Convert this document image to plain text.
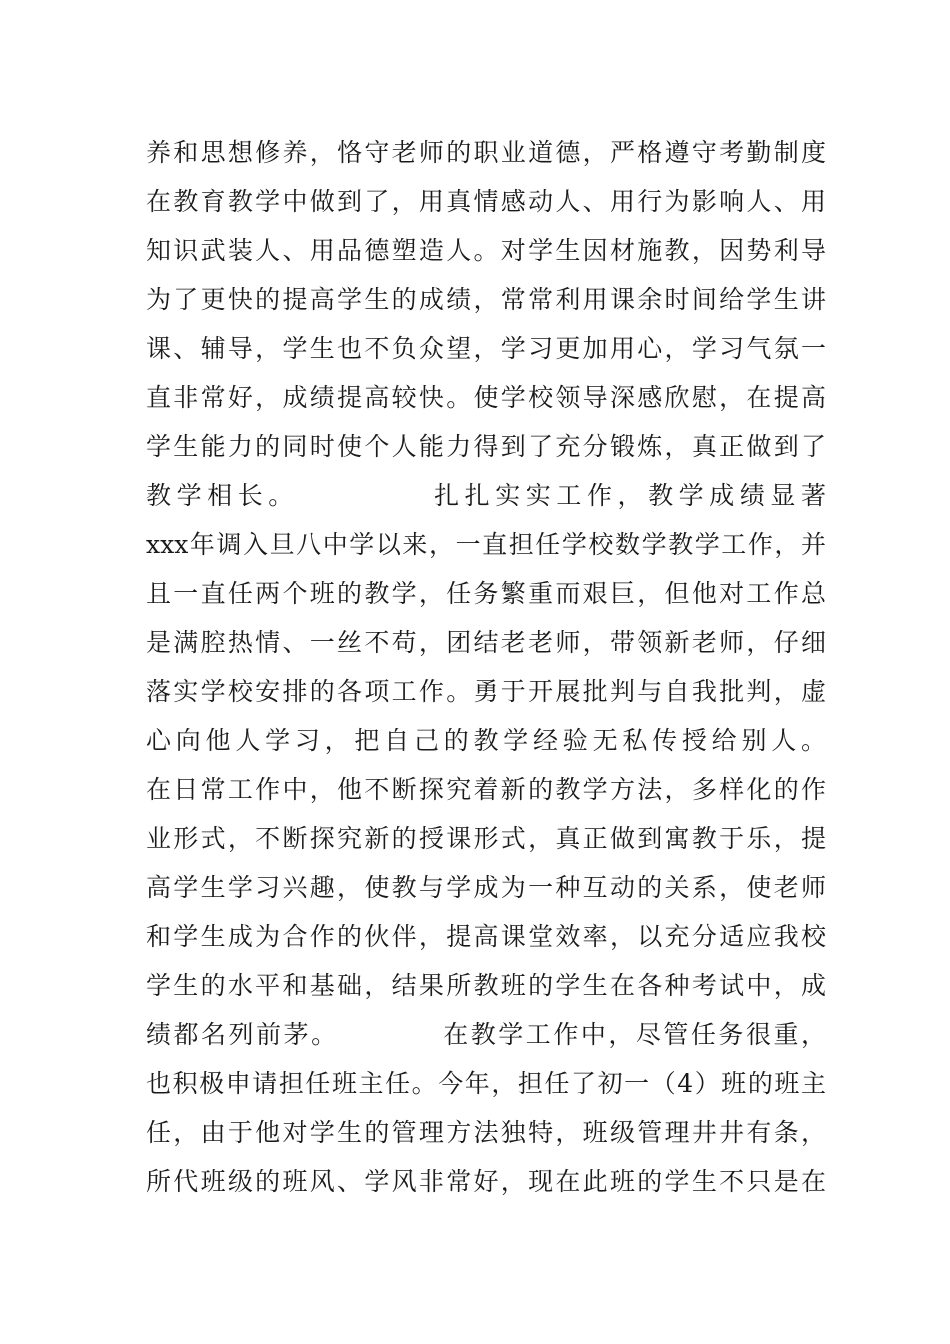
养和思想修养，恪守老师的职业道德，严格遵守考勤制度
在教育教学中做到了，用真情感动人、用行为影响人、用
知识武装人、用品德塑造人。对学生因材施教，因势利导
为了更快的提高学生的成绩，常常利用课余时间给学生讲
课、辅导，学生也不负众望，学习更加用心，学习气氛一
直非常好，成绩提高较快。使学校领导深感欣慰，在提高
学生能力的同时使个人能力得到了充分锻炼，真正做到了
教学相长。          扎扎实实工作，教学成绩显著
xxx年调入旦八中学以来，一直担任学校数学教学工作，并
且一直任两个班的教学，任务繁重而艰巨，但他对工作总
是满腔热情、一丝不苟，团结老老师，带领新老师，仔细
落实学校安排的各项工作。勇于开展批判与自我批判，虚
心向他人学习，把自己的教学经验无私传授给别人。
在日常工作中，他不断探究着新的教学方法，多样化的作
业形式，不断探究新的授课形式，真正做到寓教于乐，提
高学生学习兴趣，使教与学成为一种互动的关系，使老师
和学生成为合作的伙伴，提高课堂效率，以充分适应我校
学生的水平和基础，结果所教班的学生在各种考试中，成
绩都名列前茅。          在教学工作中，尽管任务很重，
也积极申请担任班主任。今年，担任了初一（4）班的班主
任，由于他对学生的管理方法独特，班级管理井井有条，
所代班级的班风、学风非常好，现在此班的学生不只是在
